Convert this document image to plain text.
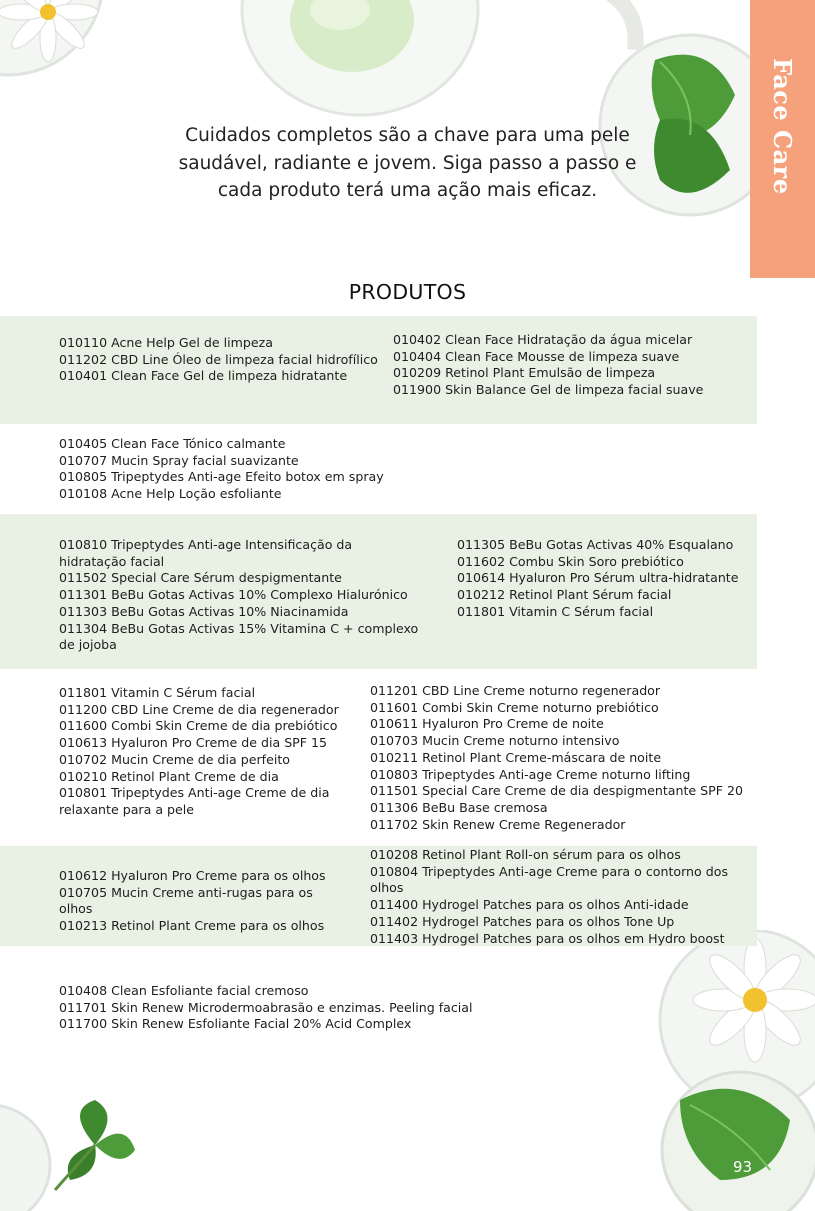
Face Care
Cuidados completos são a chave para uma pele saudável, radiante e jovem. Siga passo a passo e cada produto terá uma ação mais eficaz.
PRODUTOS
010110 Acne Help Gel de limpeza
011202 CBD Line Óleo de limpeza facial hidrofílico
010401 Clean Face Gel de limpeza hidratante
010402 Clean Face Hidratação da água micelar
010404 Clean Face Mousse de limpeza suave
010209 Retinol Plant Emulsão de limpeza
011900 Skin Balance Gel de limpeza facial suave
010405 Clean Face Tónico calmante
010707 Mucin Spray facial suavizante
010805 Tripeptydes Anti-age Efeito botox em spray
010108 Acne Help Loção esfoliante
010810 Tripeptydes Anti-age Intensificação da hidratação facial
011502 Special Care Sérum despigmentante
011301 BeBu Gotas Activas 10% Complexo Hialurónico
011303 BeBu Gotas Activas 10% Niacinamida
011304 BeBu Gotas Activas 15% Vitamina C + complexo de jojoba
011305 BeBu Gotas Activas 40% Esqualano
011602 Combu Skin Soro prebiótico
010614 Hyaluron Pro Sérum ultra-hidratante
010212 Retinol Plant Sérum facial
011801 Vitamin C Sérum facial
011801 Vitamin C Sérum facial
011200 CBD Line Creme de dia regenerador
011600 Combi Skin Creme de dia prebiótico
010613 Hyaluron Pro Creme de dia SPF 15
010702 Mucin Creme de dia perfeito
010210 Retinol Plant Creme de dia
010801 Tripeptydes Anti-age Creme de dia relaxante para a pele
011201 CBD Line Creme noturno regenerador
011601 Combi Skin Creme noturno prebiótico
010611 Hyaluron Pro Creme de noite
010703 Mucin Creme noturno intensivo
010211 Retinol Plant Creme-máscara de noite
010803 Tripeptydes Anti-age Creme noturno lifting
011501 Special Care Creme de dia despigmentante SPF 20
011306 BeBu Base cremosa
011702 Skin Renew Creme Regenerador
010612 Hyaluron Pro Creme para os olhos
010705 Mucin Creme anti-rugas para os olhos
010213 Retinol Plant Creme para os olhos
010208 Retinol Plant Roll-on sérum para os olhos
010804 Tripeptydes Anti-age Creme para o contorno dos olhos
011400 Hydrogel Patches para os olhos Anti-idade
011402 Hydrogel Patches para os olhos Tone Up
011403 Hydrogel Patches para os olhos em Hydro boost
010408 Clean Esfoliante facial cremoso
011701 Skin Renew Microdermoabrasão e enzimas. Peeling facial
011700 Skin Renew Esfoliante Facial 20% Acid Complex
93
